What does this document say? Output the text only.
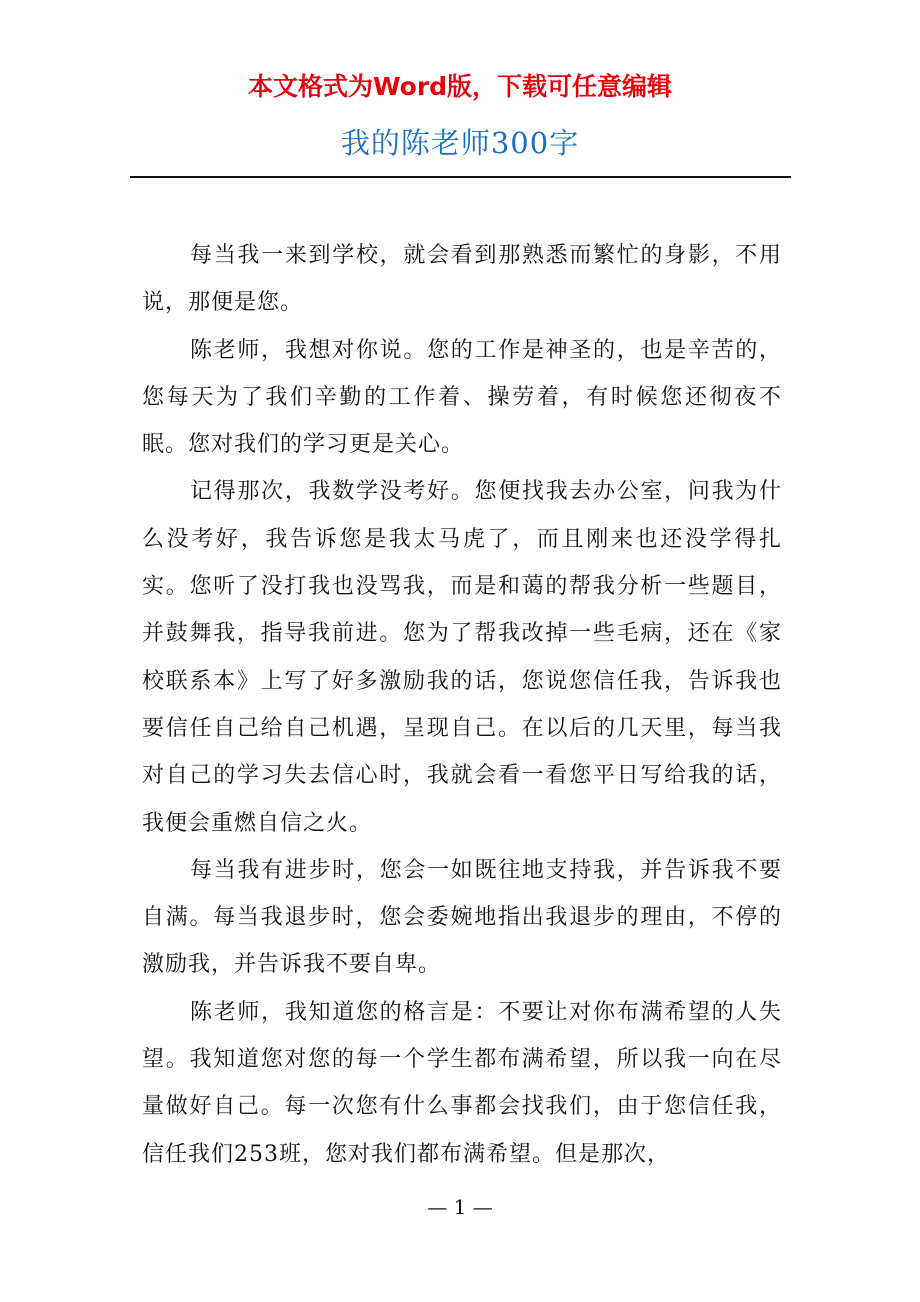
本文格式为Word版，下载可任意编辑
我的陈老师300字

每当我一来到学校，就会看到那熟悉而繁忙的身影，不用说，那便是您。

陈老师，我想对你说。您的工作是神圣的，也是辛苦的，您每天为了我们辛勤的工作着、操劳着，有时候您还彻夜不眠。您对我们的学习更是关心。

记得那次，我数学没考好。您便找我去办公室，问我为什么没考好，我告诉您是我太马虎了，而且刚来也还没学得扎实。您听了没打我也没骂我，而是和蔼的帮我分析一些题目，并鼓舞我，指导我前进。您为了帮我改掉一些毛病，还在《家校联系本》上写了好多激励我的话，您说您信任我，告诉我也要信任自己给自己机遇，呈现自己。在以后的几天里，每当我对自己的学习失去信心时，我就会看一看您平日写给我的话，我便会重燃自信之火。

每当我有进步时，您会一如既往地支持我，并告诉我不要自满。每当我退步时，您会委婉地指出我退步的理由，不停的激励我，并告诉我不要自卑。

陈老师，我知道您的格言是：不要让对你布满希望的人失望。我知道您对您的每一个学生都布满希望，所以我一向在尽量做好自己。每一次您有什么事都会找我们，由于您信任我，信任我们253班，您对我们都布满希望。但是那次，

— 1 —
